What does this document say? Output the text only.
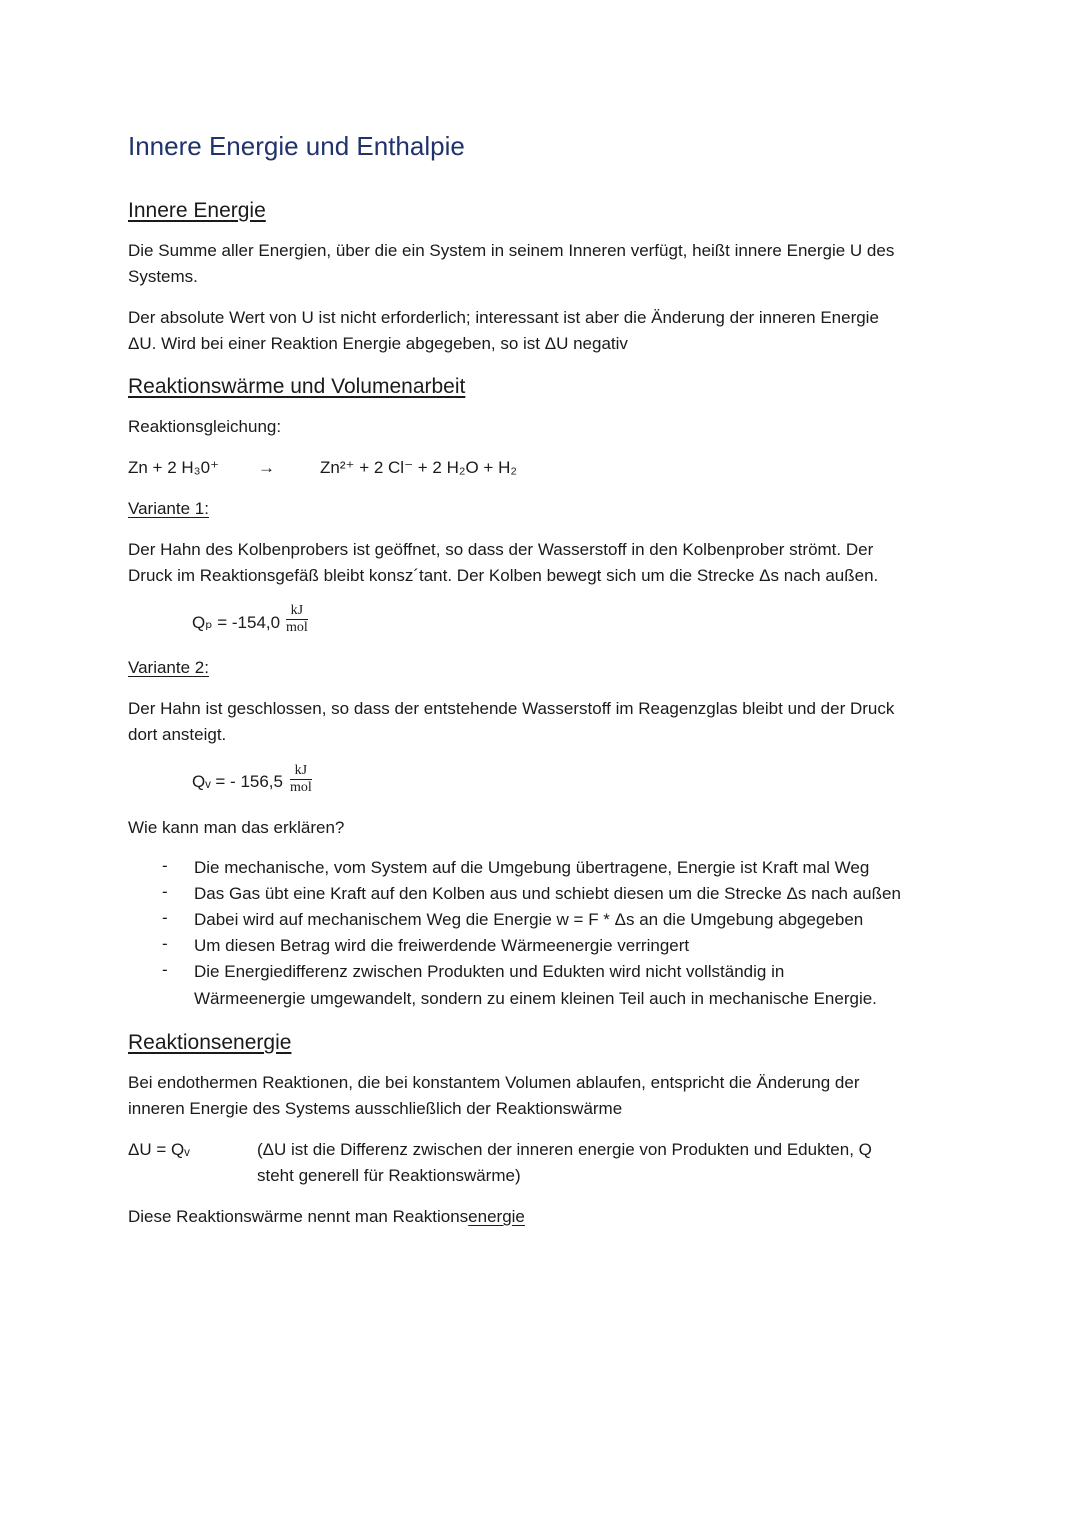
Innere Energie und Enthalpie
Innere Energie
Die Summe aller Energien, über die ein System in seinem Inneren verfügt, heißt innere Energie U des
Systems.
Der absolute Wert von U ist nicht erforderlich; interessant ist aber die Änderung der inneren Energie
ΔU. Wird bei einer Reaktion Energie abgegeben, so ist ΔU negativ
Reaktionswärme und Volumenarbeit
Reaktionsgleichung:
Zn + 2 H₃0⁺ →	Zn²⁺ + 2 Cl⁻ + 2 H₂O + H₂
Variante 1:
Der Hahn des Kolbenprobers ist geöffnet, so dass der Wasserstoff in den Kolbenprober strömt. Der
Druck im Reaktionsgefäß bleibt konsz´tant. Der Kolben bewegt sich um die Strecke Δs nach außen.
Qₚ = -154,0
kJ
mol
Variante 2:
Der Hahn ist geschlossen, so dass der entstehende Wasserstoff im Reagenzglas bleibt und der Druck
dort ansteigt.
Qᵥ = - 156,5
kJ
mol
Wie kann man das erklären?
- Die mechanische, vom System auf die Umgebung übertragene, Energie ist Kraft mal Weg
- Das Gas übt eine Kraft auf den Kolben aus und schiebt diesen um die Strecke Δs nach außen
- Dabei wird auf mechanischem Weg die Energie w = F * Δs an die Umgebung abgegeben
- Um diesen Betrag wird die freiwerdende Wärmeenergie verringert
- Die Energiedifferenz zwischen Produkten und Edukten wird nicht vollständig in
Wärmeenergie umgewandelt, sondern zu einem kleinen Teil auch in mechanische Energie.
Reaktionsenergie
Bei endothermen Reaktionen, die bei konstantem Volumen ablaufen, entspricht die Änderung der
inneren Energie des Systems ausschließlich der Reaktionswärme
ΔU = Qᵥ	(ΔU ist die Differenz zwischen der inneren energie von Produkten und Edukten, Q
steht generell für Reaktionswärme)
Diese Reaktionswärme nennt man Reaktionsenergie
